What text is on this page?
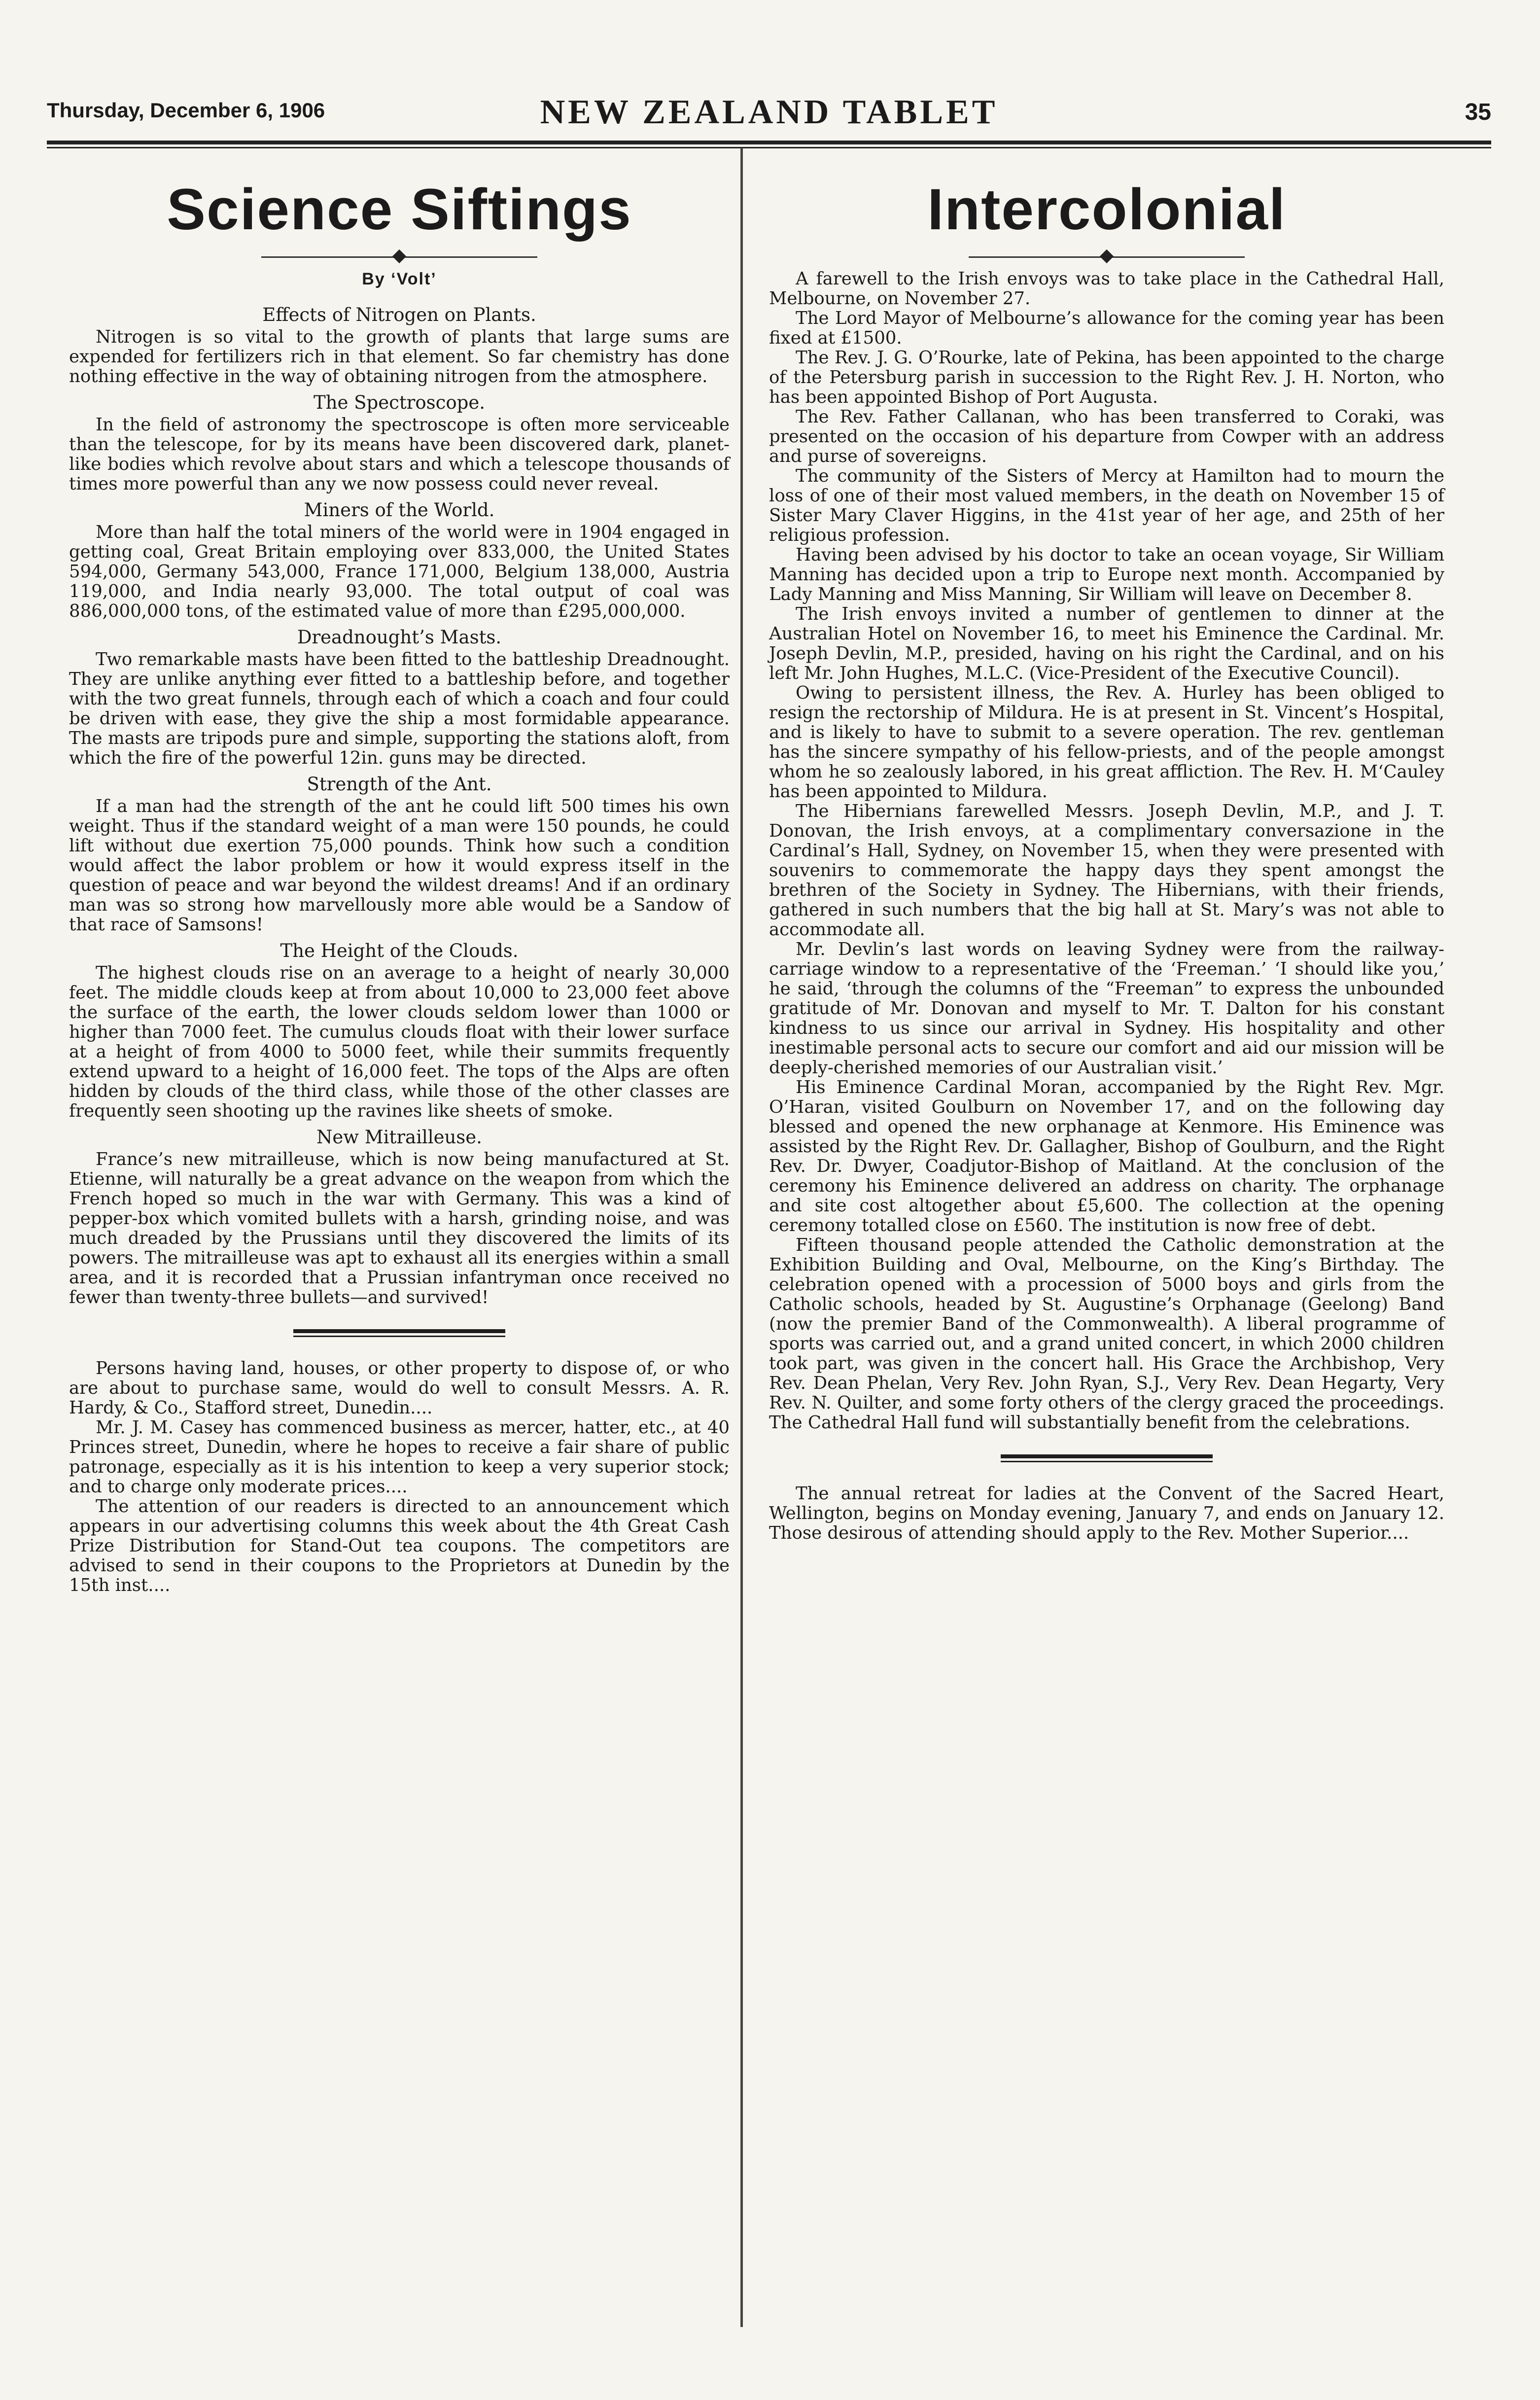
Thursday, December 6, 1906	NEW ZEALAND TABLET	35
Science Siftings
By ‘Volt’
Effects of Nitrogen on Plants.

Nitrogen is so vital to the growth of plants that large sums are expended for fertilizers rich in that element. So far chemistry has done nothing effective in the way of obtaining nitrogen from the atmosphere.

The Spectroscope.

In the field of astronomy the spectroscope is often more serviceable than the telescope, for by its means have been discovered dark, planet-like bodies which revolve about stars and which a telescope thousands of times more powerful than any we now possess could never reveal.

Miners of the World.

More than half the total miners of the world were in 1904 engaged in getting coal, Great Britain employing over 833,000, the United States 594,000, Germany 543,000, France 171,000, Belgium 138,000, Austria 119,000, and India nearly 93,000. The total output of coal was 886,000,000 tons, of the estimated value of more than £295,000,000.

Dreadnought’s Masts.

Two remarkable masts have been fitted to the battleship Dreadnought. They are unlike anything ever fitted to a battleship before, and together with the two great funnels, through each of which a coach and four could be driven with ease, they give the ship a most formidable appearance. The masts are tripods pure and simple, supporting the stations aloft, from which the fire of the powerful 12in. guns may be directed.

Strength of the Ant.

If a man had the strength of the ant he could lift 500 times his own weight. Thus if the standard weight of a man were 150 pounds, he could lift without due exertion 75,000 pounds. Think how such a condition would affect the labor problem or how it would express itself in the question of peace and war beyond the wildest dreams! And if an ordinary man was so strong how marvellously more able would be a Sandow of that race of Samsons!

The Height of the Clouds.

The highest clouds rise on an average to a height of nearly 30,000 feet. The middle clouds keep at from about 10,000 to 23,000 feet above the surface of the earth, the lower clouds seldom lower than 1000 or higher than 7000 feet. The cumulus clouds float with their lower surface at a height of from 4000 to 5000 feet, while their summits frequently extend upward to a height of 16,000 feet. The tops of the Alps are often hidden by clouds of the third class, while those of the other classes are frequently seen shooting up the ravines like sheets of smoke.

New Mitrailleuse.

France’s new mitrailleuse, which is now being manufactured at St. Etienne, will naturally be a great advance on the weapon from which the French hoped so much in the war with Germany. This was a kind of pepper-box which vomited bullets with a harsh, grinding noise, and was much dreaded by the Prussians until they discovered the limits of its powers. The mitrailleuse was apt to exhaust all its energies within a small area, and it is recorded that a Prussian infantryman once received no fewer than twenty-three bullets—and survived!

Persons having land, houses, or other property to dispose of, or who are about to purchase same, would do well to consult Messrs. A. R. Hardy, & Co., Stafford street, Dunedin....

Mr. J. M. Casey has commenced business as mercer, hatter, etc., at 40 Princes street, Dunedin, where he hopes to receive a fair share of public patronage, especially as it is his intention to keep a very superior stock; and to charge only moderate prices....

The attention of our readers is directed to an announcement which appears in our advertising columns this week about the 4th Great Cash Prize Distribution for Stand-Out tea coupons. The competitors are advised to send in their coupons to the Proprietors at Dunedin by the 15th inst....

Intercolonial

A farewell to the Irish envoys was to take place in the Cathedral Hall, Melbourne, on November 27.

The Lord Mayor of Melbourne’s allowance for the coming year has been fixed at £1500.

The Rev. J. G. O’Rourke, late of Pekina, has been appointed to the charge of the Petersburg parish in succession to the Right Rev. J. H. Norton, who has been appointed Bishop of Port Augusta.

The Rev. Father Callanan, who has been transferred to Coraki, was presented on the occasion of his departure from Cowper with an address and purse of sovereigns.

The community of the Sisters of Mercy at Hamilton had to mourn the loss of one of their most valued members, in the death on November 15 of Sister Mary Claver Higgins, in the 41st year of her age, and 25th of her religious profession.

Having been advised by his doctor to take an ocean voyage, Sir William Manning has decided upon a trip to Europe next month. Accompanied by Lady Manning and Miss Manning, Sir William will leave on December 8.

The Irish envoys invited a number of gentlemen to dinner at the Australian Hotel on November 16, to meet his Eminence the Cardinal. Mr. Joseph Devlin, M.P., presided, having on his right the Cardinal, and on his left Mr. John Hughes, M.L.C. (Vice-President of the Executive Council).

Owing to persistent illness, the Rev. A. Hurley has been obliged to resign the rectorship of Mildura. He is at present in St. Vincent’s Hospital, and is likely to have to submit to a severe operation. The rev. gentleman has the sincere sympathy of his fellow-priests, and of the people amongst whom he so zealously labored, in his great affliction. The Rev. H. M‘Cauley has been appointed to Mildura.

The Hibernians farewelled Messrs. Joseph Devlin, M.P., and J. T. Donovan, the Irish envoys, at a complimentary conversazione in the Cardinal’s Hall, Sydney, on November 15, when they were presented with souvenirs to commemorate the happy days they spent amongst the brethren of the Society in Sydney. The Hibernians, with their friends, gathered in such numbers that the big hall at St. Mary’s was not able to accommodate all.

Mr. Devlin’s last words on leaving Sydney were from the railway-carriage window to a representative of the ‘Freeman.’ ‘I should like you,’ he said, ‘through the columns of the “Freeman” to express the unbounded gratitude of Mr. Donovan and myself to Mr. T. Dalton for his constant kindness to us since our arrival in Sydney. His hospitality and other inestimable personal acts to secure our comfort and aid our mission will be deeply-cherished memories of our Australian visit.’

His Eminence Cardinal Moran, accompanied by the Right Rev. Mgr. O’Haran, visited Goulburn on November 17, and on the following day blessed and opened the new orphanage at Kenmore. His Eminence was assisted by the Right Rev. Dr. Gallagher, Bishop of Goulburn, and the Right Rev. Dr. Dwyer, Coadjutor-Bishop of Maitland. At the conclusion of the ceremony his Eminence delivered an address on charity. The orphanage and site cost altogether about £5,600. The collection at the opening ceremony totalled close on £560. The institution is now free of debt.

Fifteen thousand people attended the Catholic demonstration at the Exhibition Building and Oval, Melbourne, on the King’s Birthday. The celebration opened with a procession of 5000 boys and girls from the Catholic schools, headed by St. Augustine’s Orphanage (Geelong) Band (now the premier Band of the Commonwealth). A liberal programme of sports was carried out, and a grand united concert, in which 2000 children took part, was given in the concert hall. His Grace the Archbishop, Very Rev. Dean Phelan, Very Rev. John Ryan, S.J., Very Rev. Dean Hegarty, Very Rev. N. Quilter, and some forty others of the clergy graced the proceedings. The Cathedral Hall fund will substantially benefit from the celebrations.

The annual retreat for ladies at the Convent of the Sacred Heart, Wellington, begins on Monday evening, January 7, and ends on January 12. Those desirous of attending should apply to the Rev. Mother Superior....
